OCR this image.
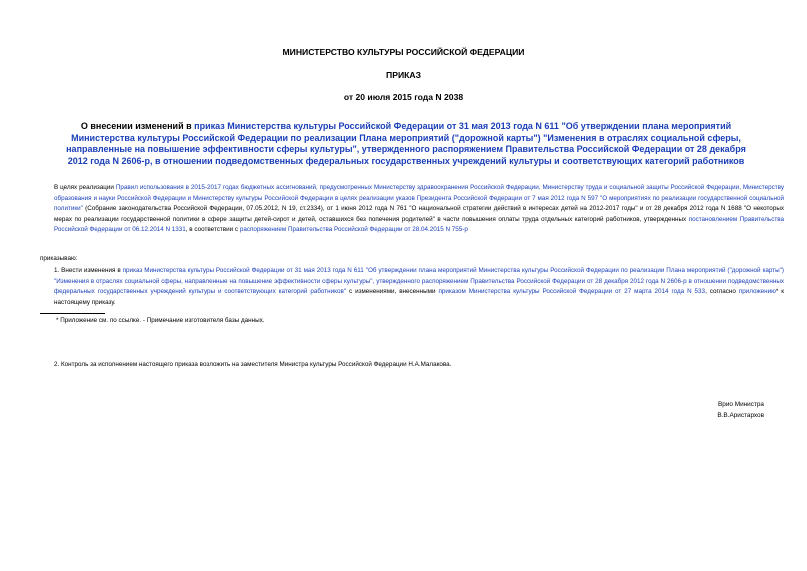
МИНИСТЕРСТВО КУЛЬТУРЫ РОССИЙСКОЙ ФЕДЕРАЦИИ
ПРИКАЗ
от 20 июля 2015 года N 2038
О внесении изменений в приказ Министерства культуры Российской Федерации от 31 мая 2013 года N 611 "Об утверждении плана мероприятий Министерства культуры Российской Федерации по реализации Плана мероприятий ("дорожной карты") "Изменения в отраслях социальной сферы, направленные на повышение эффективности сферы культуры", утвержденного распоряжением Правительства Российской Федерации от 28 декабря 2012 года N 2606-р, в отношении подведомственных федеральных государственных учреждений культуры и соответствующих категорий работников
В целях реализации Правил использования в 2015-2017 годах бюджетных ассигнований, предусмотренных Министерству здравоохранения Российской Федерации, Министерству труда и социальной защиты Российской Федерации, Министерству образования и науки Российской Федерации и Министерству культуры Российской Федерации в целях реализации указов Президента Российской Федерации от 7 мая 2012 года N 597 "О мероприятиях по реализации государственной социальной политики" (Собрание законодательства Российской Федерации, 07.05.2012, N 19, ст.2334), от 1 июня 2012 года N 761 "О национальной стратегии действий в интересах детей на 2012-2017 годы" и от 28 декабря 2012 года N 1688 "О некоторых мерах по реализации государственной политики в сфере защиты детей-сирот и детей, оставшихся без попечения родителей" в части повышения оплаты труда отдельных категорий работников, утвержденных постановлением Правительства Российской Федерации от 06.12.2014 N 1331, в соответствии с распоряжением Правительства Российской Федерации от 28.04.2015 N 755-р
приказываю:
1. Внести изменения в приказ Министерства культуры Российской Федерации от 31 мая 2013 года N 611 "Об утверждении плана мероприятий Министерства культуры Российской Федерации по реализации Плана мероприятий ("дорожной карты") "Изменения в отраслях социальной сферы, направленные на повышение эффективности сферы культуры", утвержденного распоряжением Правительства Российской Федерации от 28 декабря 2012 года N 2606-р в отношении подведомственных федеральных государственных учреждений культуры и соответствующих категорий работников" с изменениями, внесенными приказом Министерства культуры Российской Федерации от 27 марта 2014 года N 533, согласно приложению* к настоящему приказу.
* Приложение см. по ссылке. - Примечание изготовителя базы данных.
2. Контроль за исполнением настоящего приказа возложить на заместителя Министра культуры Российской Федерации Н.А.Малакова.
Врио Министра
В.В.Аристархов
